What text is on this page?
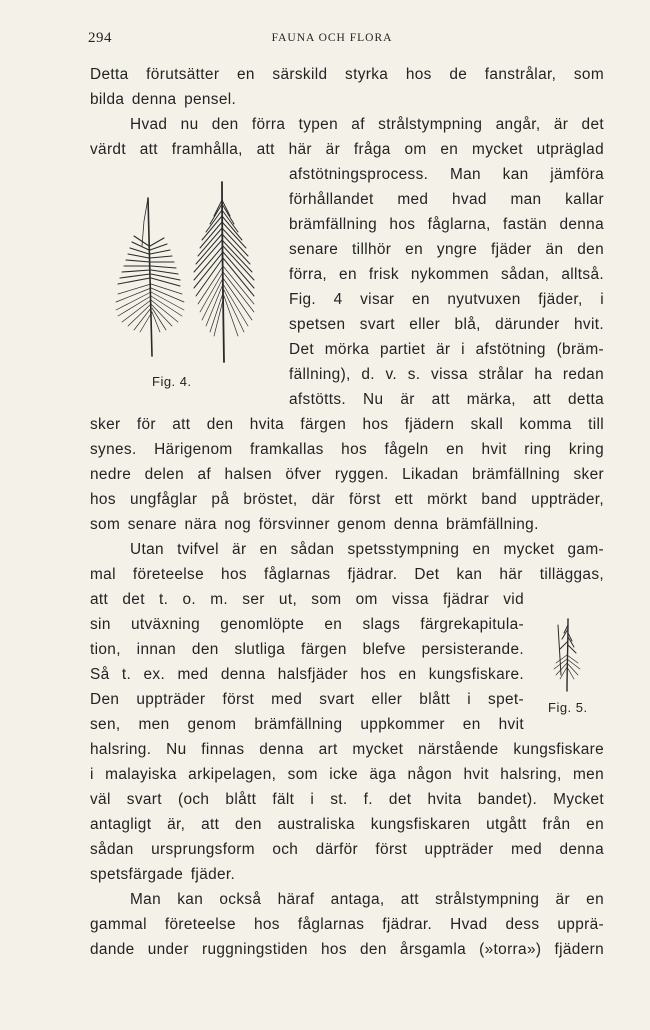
294	FAUNA OCH FLORA
Fig. 4.
Fig. 5.
Detta förutsätter en särskild styrka hos de fanstrålar, som
bilda denna pensel.
Hvad nu den förra typen af strålstympning angår, är det
värdt att framhålla, att här är fråga om en mycket utpräglad
afstötningsprocess. Man kan jämföra
förhållandet med hvad man kallar
brämfällning hos fåglarna, fastän denna
senare tillhör en yngre fjäder än den
förra, en frisk nykommen sådan, alltså.
Fig. 4 visar en nyutvuxen fjäder, i
spetsen svart eller blå, därunder hvit.
Det mörka partiet är i afstötning (bräm-
fällning), d. v. s. vissa strålar ha redan
afstötts. Nu är att märka, att detta
sker för att den hvita färgen hos fjädern skall komma till
synes. Härigenom framkallas hos fågeln en hvit ring kring
nedre delen af halsen öfver ryggen. Likadan brämfällning sker
hos ungfåglar på bröstet, där först ett mörkt band uppträder,
som senare nära nog försvinner genom denna brämfällning.
Utan tvifvel är en sådan spetsstympning en mycket gam-
mal företeelse hos fåglarnas fjädrar. Det kan här tilläggas,
att det t. o. m. ser ut, som om vissa fjädrar vid
sin utväxning genomlöpte en slags färgrekapitula-
tion, innan den slutliga färgen blefve persisterande.
Så t. ex. med denna halsfjäder hos en kungsfiskare.
Den uppträder först med svart eller blått i spet-
sen, men genom brämfällning uppkommer en hvit
halsring. Nu finnas denna art mycket närstående kungsfiskare
i malayiska arkipelagen, som icke äga någon hvit halsring, men
väl svart (och blått fält i st. f. det hvita bandet). Mycket
antagligt är, att den australiska kungsfiskaren utgått från en
sådan ursprungsform och därför först uppträder med denna
spetsfärgade fjäder.
Man kan också häraf antaga, att strålstympning är en
gammal företeelse hos fåglarnas fjädrar. Hvad dess upprä-
dande under ruggningstiden hos den årsgamla (»torra») fjädern
